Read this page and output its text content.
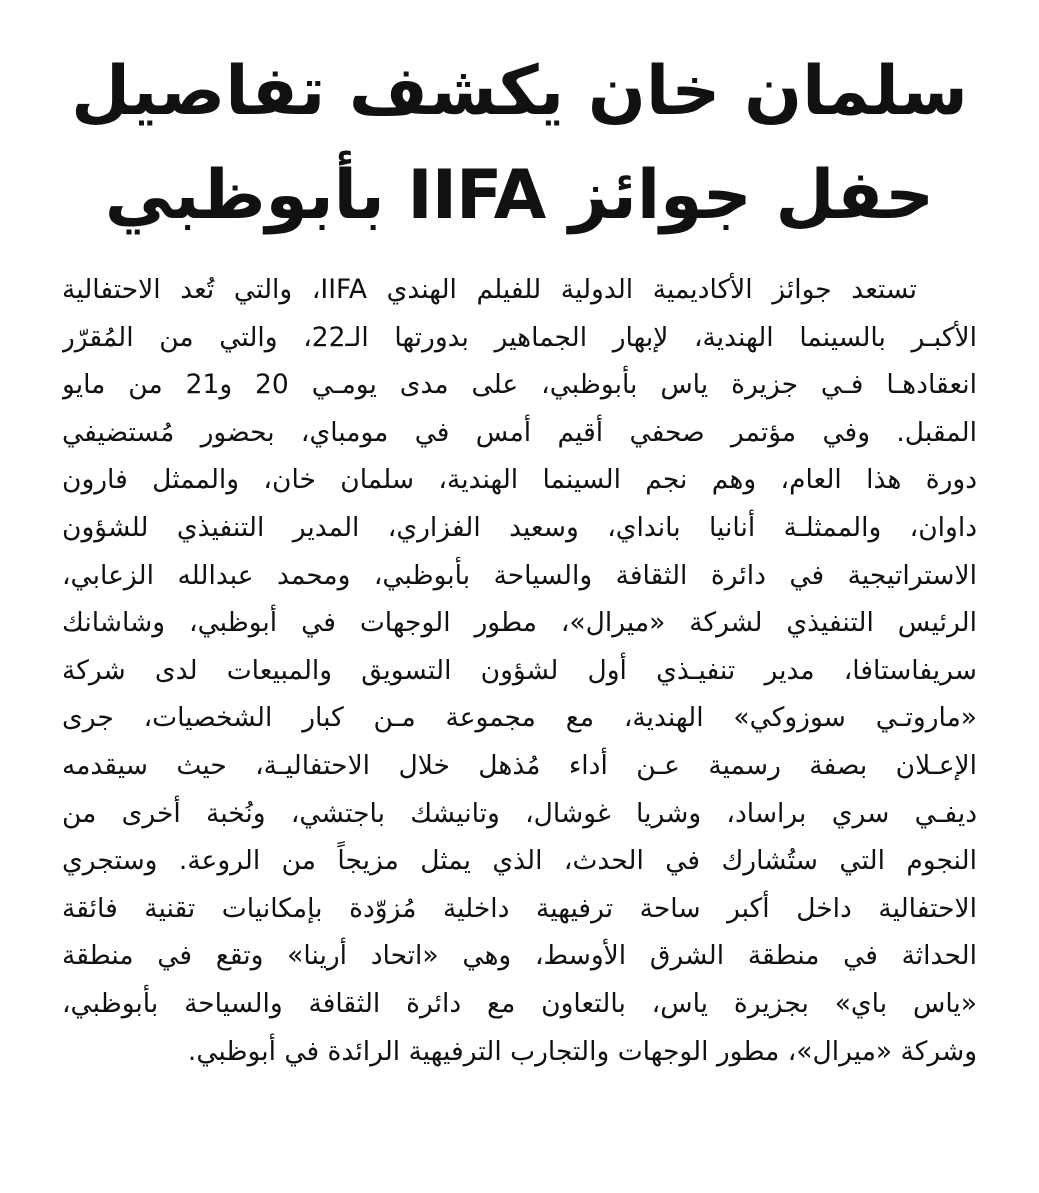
سلمان خان يكشف تفاصيل
حفل جوائز IIFA بأبوظبي
تستعد جوائز الأكاديمية الدولية للفيلم الهندي IIFA، والتي تُعد الاحتفالية
الأكبـر بالسينما الهندية، لإبهار الجماهير بدورتها الـ22، والتي من المُقرّر
انعقادهـا فـي جزيرة ياس بأبوظبي، على مدى يومـي 20 و21 من مايو
المقبل. وفي مؤتمر صحفي أقيم أمس في مومباي، بحضور مُستضيفي
دورة هذا العام، وهم نجم السينما الهندية، سلمان خان، والممثل فارون
داوان، والممثلـة أنانيا بانداي، وسعيد الفزاري، المدير التنفيذي للشؤون
الاستراتيجية في دائرة الثقافة والسياحة بأبوظبي، ومحمد عبدالله الزعابي،
الرئيس التنفيذي لشركة «ميرال»، مطور الوجهات في أبوظبي، وشاشانك
سريفاستافا، مدير تنفيـذي أول لشؤون التسويق والمبيعات لدى شركة
«ماروتـي سوزوكي» الهندية، مع مجموعة مـن كبار الشخصيات، جرى
الإعـلان بصفة رسمية عـن أداء مُذهل خلال الاحتفاليـة، حيث سيقدمه
ديفـي سري براساد، وشريا غوشال، وتانيشك باجتشي، ونُخبة أخرى من
النجوم التي ستُشارك في الحدث، الذي يمثل مزيجاً من الروعة. وستجري
الاحتفالية داخل أكبر ساحة ترفيهية داخلية مُزوّدة بإمكانيات تقنية فائقة
الحداثة في منطقة الشرق الأوسط، وهي «اتحاد أرينا» وتقع في منطقة
«ياس باي» بجزيرة ياس، بالتعاون مع دائرة الثقافة والسياحة بأبوظبي،
وشركة «ميرال»، مطور الوجهات والتجارب الترفيهية الرائدة في أبوظبي.
